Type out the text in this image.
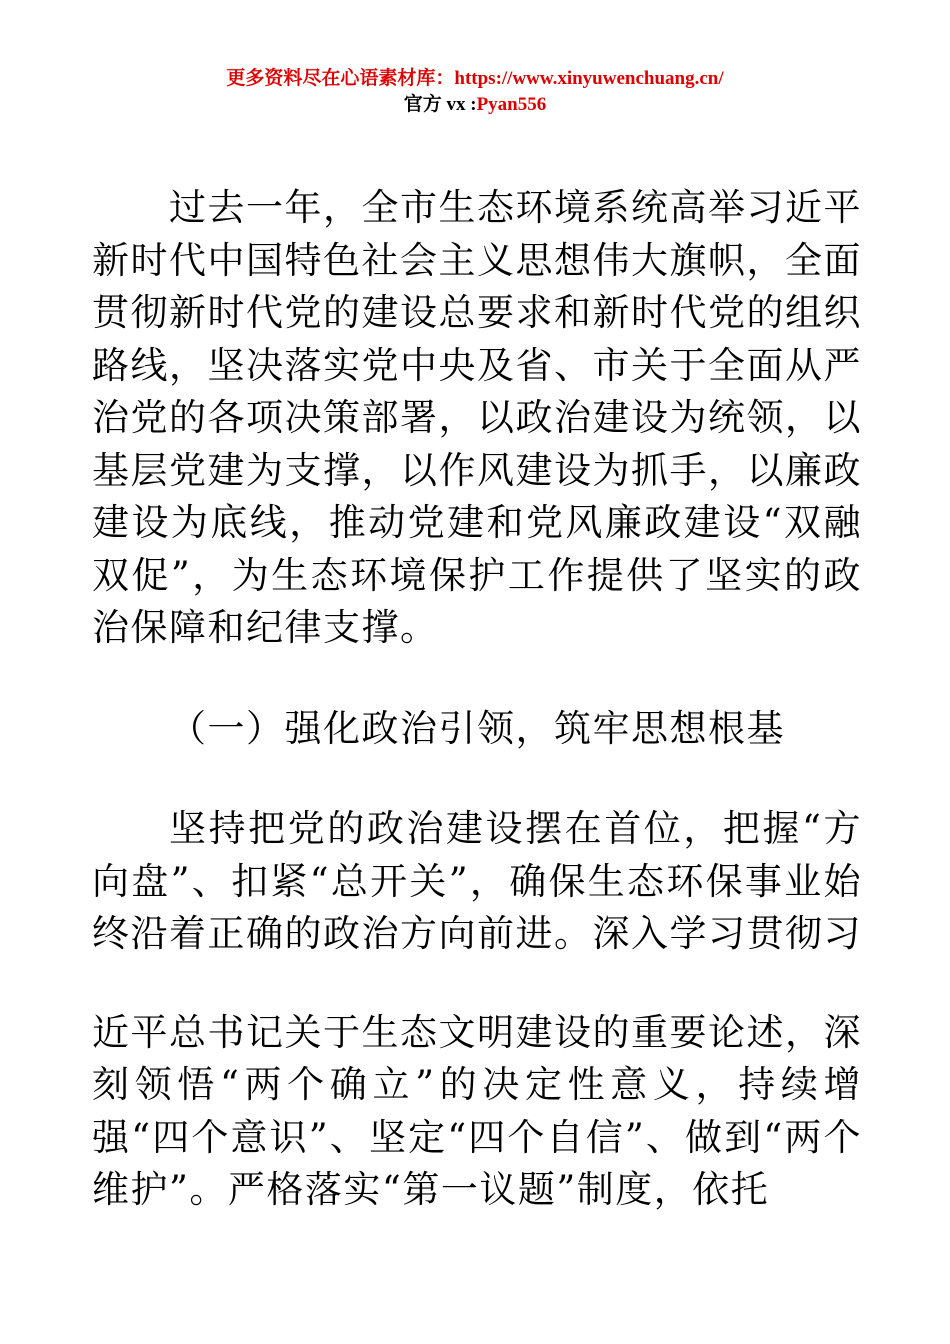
更多资料尽在心语素材库：https://www.xinyuwenchuang.cn/
官方 vx :Pyan556

过去一年，全市生态环境系统高举习近平新时代中国特色社会主义思想伟大旗帜，全面贯彻新时代党的建设总要求和新时代党的组织路线，坚决落实党中央及省、市关于全面从严治党的各项决策部署，以政治建设为统领，以基层党建为支撑，以作风建设为抓手，以廉政建设为底线，推动党建和党风廉政建设“双融双促”，为生态环境保护工作提供了坚实的政治保障和纪律支撑。

（一）强化政治引领，筑牢思想根基

坚持把党的政治建设摆在首位，把握“方向盘”、扣紧“总开关”，确保生态环保事业始终沿着正确的政治方向前进。深入学习贯彻习

近平总书记关于生态文明建设的重要论述，深刻领悟“两个确立”的决定性意义，持续增强“四个意识”、坚定“四个自信”、做到“两个维护”。严格落实“第一议题”制度，依托
